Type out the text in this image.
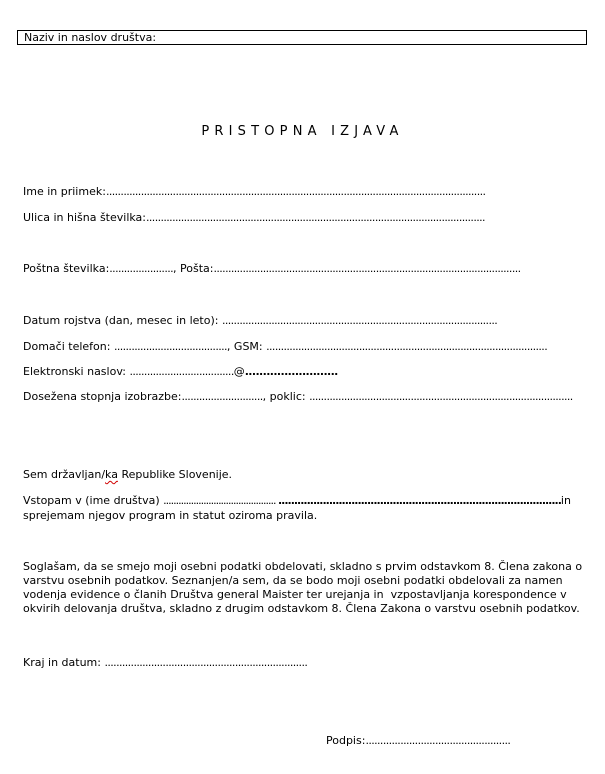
Naziv in naslov društva:
PRISTOPNA IZJAVA
Ime in priimek:...................................................................................................................................
Ulica in hišna številka:.....................................................................................................................
Poštna številka:......................, Pošta:..........................................................................................................
Datum rojstva (dan, mesec in leto): ...............................................................................................
Domači telefon: ......................................., GSM: .................................................................................................
Elektronski naslov: ....................................@..........................
Dosežena stopnja izobrazbe:............................, poklic: ...........................................................................................
Sem državljan/ka Republike Slovenije.
Vstopam v (ime društva) ............................................. .........................................................................................in
sprejemam njegov program in statut oziroma pravila.
Soglašam, da se smejo moji osebni podatki obdelovati, skladno s prvim odstavkom 8. Člena zakona o
varstvu osebnih podatkov. Seznanjen/a sem, da se bodo moji osebni podatki obdelovali za namen
vodenja evidence o članih Društva general Maister ter urejanja in  vzpostavljanja korespondence v
okvirih delovanja društva, skladno z drugim odstavkom 8. Člena Zakona o varstvu osebnih podatkov.
Kraj in datum: ......................................................................
Podpis:..................................................
